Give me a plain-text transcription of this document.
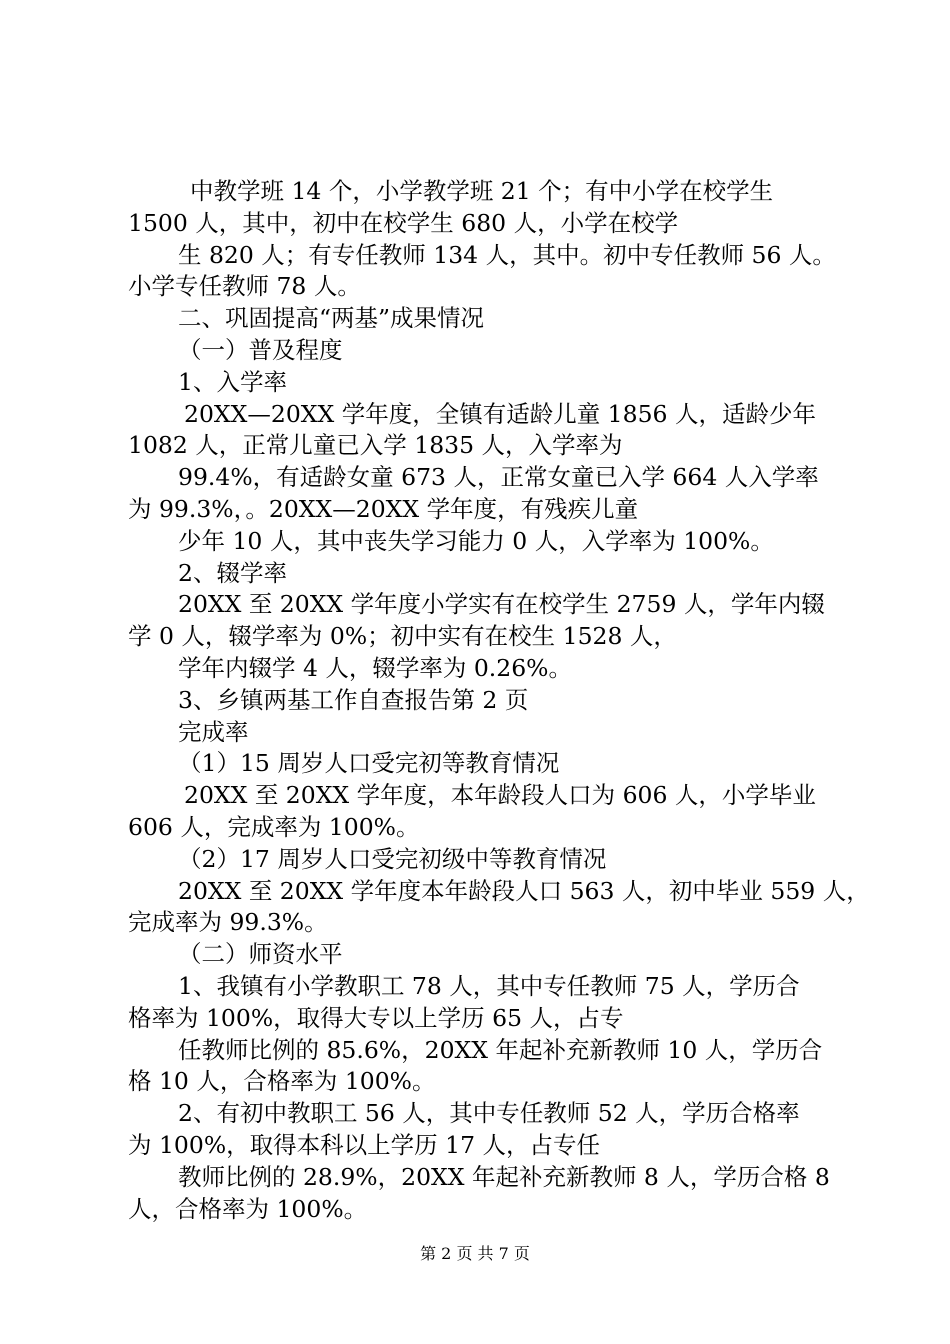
中教学班 14 个，小学教学班 21 个；有中小学在校学生
1500 人，其中，初中在校学生 680 人，小学在校学
生 820 人；有专任教师 134 人，其中。初中专任教师 56 人。
小学专任教师 78 人。
二、巩固提高“两基”成果情况
（一）普及程度
1、入学率
20XX—20XX 学年度，全镇有适龄儿童 1856 人，适龄少年
1082 人，正常儿童已入学 1835 人，入学率为
99.4%，有适龄女童 673 人，正常女童已入学 664 人入学率
为 99.3%，。20XX—20XX 学年度，有残疾儿童
少年 10 人，其中丧失学习能力 0 人，入学率为 100%。
2、辍学率
20XX 至 20XX 学年度小学实有在校学生 2759 人，学年内辍
学 0 人，辍学率为 0%；初中实有在校生 1528 人，
学年内辍学 4 人，辍学率为 0.26%。
3、乡镇两基工作自查报告第 2 页
完成率
（1）15 周岁人口受完初等教育情况
20XX 至 20XX 学年度，本年龄段人口为 606 人，小学毕业
606 人，完成率为 100%。
（2）17 周岁人口受完初级中等教育情况
20XX 至 20XX 学年度本年龄段人口 563 人，初中毕业 559 人，
完成率为 99.3%。
（二）师资水平
1、我镇有小学教职工 78 人，其中专任教师 75 人，学历合
格率为 100%，取得大专以上学历 65 人，占专
任教师比例的 85.6%，20XX 年起补充新教师 10 人，学历合
格 10 人，合格率为 100%。
2、有初中教职工 56 人，其中专任教师 52 人，学历合格率
为 100%，取得本科以上学历 17 人，占专任
教师比例的 28.9%，20XX 年起补充新教师 8 人，学历合格 8
人，合格率为 100%。
第 2 页 共 7 页
